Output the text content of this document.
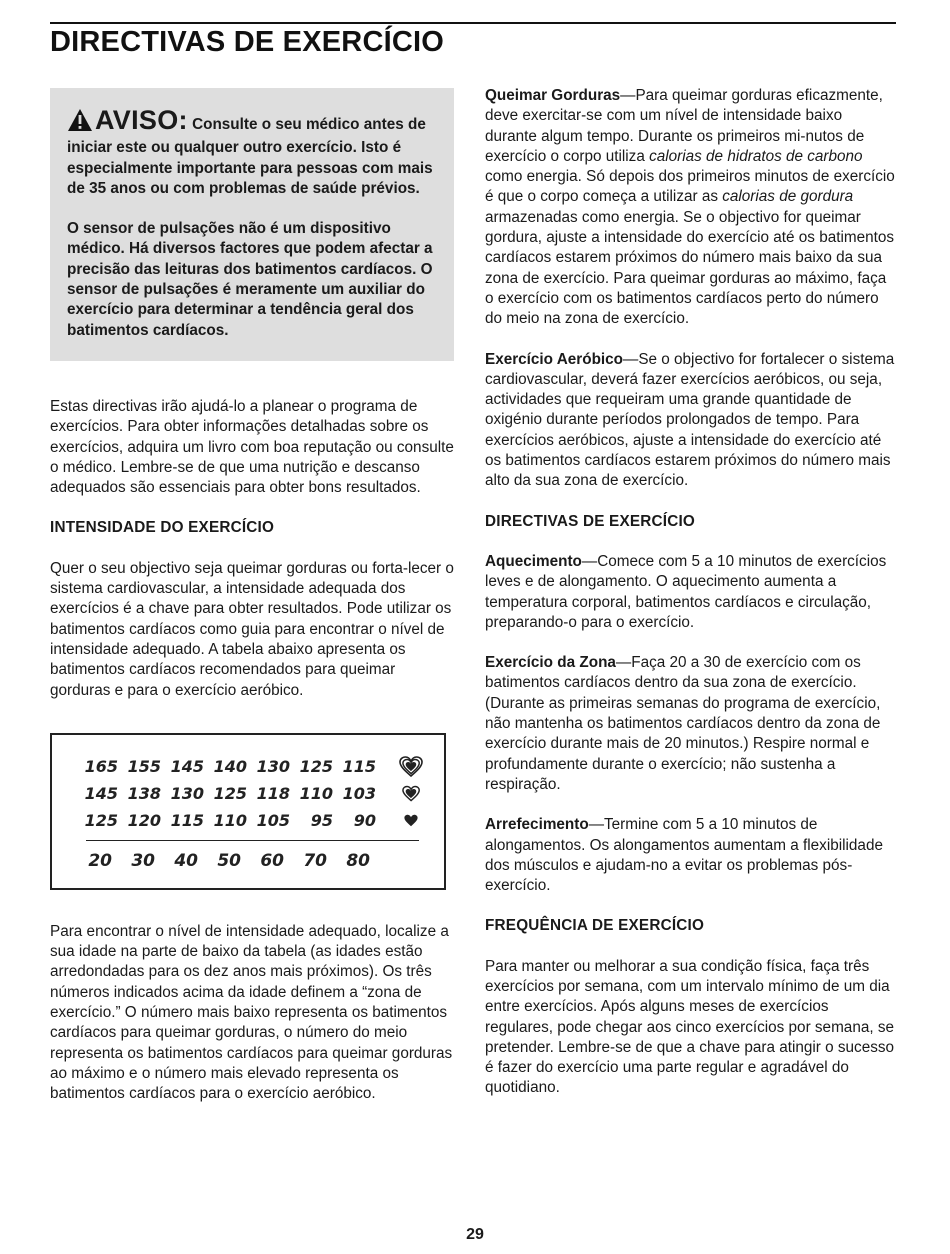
DIRECTIVAS DE EXERCÍCIO

AVISO: Consulte o seu médico antes de iniciar este ou qualquer outro exercício. Isto é especialmente importante para pessoas com mais de 35 anos ou com problemas de saúde prévios.

O sensor de pulsações não é um dispositivo médico. Há diversos factores que podem afectar a precisão das leituras dos batimentos cardíacos. O sensor de pulsações é meramente um auxiliar do exercício para determinar a tendência geral dos batimentos cardíacos.

Estas directivas irão ajudá-lo a planear o programa de exercícios. Para obter informações detalhadas sobre os exercícios, adquira um livro com boa reputação ou consulte o médico. Lembre-se de que uma nutrição e descanso adequados são essenciais para obter bons resultados.

INTENSIDADE DO EXERCÍCIO

Quer o seu objectivo seja queimar gorduras ou forta-lecer o sistema cardiovascular, a intensidade adequada dos exercícios é a chave para obter resultados. Pode utilizar os batimentos cardíacos como guia para encontrar o nível de intensidade adequado. A tabela abaixo apresenta os batimentos cardíacos recomendados para queimar gorduras e para o exercício aeróbico.

165 155 145 140 130 125 115
145 138 130 125 118 110 103
125 120 115 110 105	95	90
20	30	40	50	60	70	80

Para encontrar o nível de intensidade adequado, localize a sua idade na parte de baixo da tabela (as idades estão arredondadas para os dez anos mais próximos). Os três números indicados acima da idade definem a “zona de exercício.” O número mais baixo representa os batimentos cardíacos para queimar gorduras, o número do meio representa os batimentos cardíacos para queimar gorduras ao máximo e o número mais elevado representa os batimentos cardíacos para o exercício aeróbico.

Queimar Gorduras—Para queimar gorduras eficazmente, deve exercitar-se com um nível de intensidade baixo durante algum tempo. Durante os primeiros mi-nutos de exercício o corpo utiliza calorias de hidratos de carbono como energia. Só depois dos primeiros minutos de exercício é que o corpo começa a utilizar as calorias de gordura armazenadas como energia. Se o objectivo for queimar gordura, ajuste a intensidade do exercício até os batimentos cardíacos estarem próximos do número mais baixo da sua zona de exercício. Para queimar gorduras ao máximo, faça o exercício com os batimentos cardíacos perto do número do meio na zona de exercício.

Exercício Aeróbico—Se o objectivo for fortalecer o sistema cardiovascular, deverá fazer exercícios aeróbicos, ou seja, actividades que requeiram uma grande quantidade de oxigénio durante períodos prolongados de tempo. Para exercícios aeróbicos, ajuste a intensidade do exercício até os batimentos cardíacos estarem próximos do número mais alto da sua zona de exercício.

DIRECTIVAS DE EXERCÍCIO

Aquecimento—Comece com 5 a 10 minutos de exercícios leves e de alongamento. O aquecimento aumenta a temperatura corporal, batimentos cardíacos e circulação, preparando-o para o exercício.

Exercício da Zona—Faça 20 a 30 de exercício com os batimentos cardíacos dentro da sua zona de exercício. (Durante as primeiras semanas do programa de exercício, não mantenha os batimentos cardíacos dentro da zona de exercício durante mais de 20 minutos.) Respire normal e profundamente durante o exercício; não sustenha a respiração.

Arrefecimento—Termine com 5 a 10 minutos de alongamentos. Os alongamentos aumentam a flexibilidade dos músculos e ajudam-no a evitar os problemas pós-exercício.

FREQUÊNCIA DE EXERCÍCIO

Para manter ou melhorar a sua condição física, faça três exercícios por semana, com um intervalo mínimo de um dia entre exercícios. Após alguns meses de exercícios regulares, pode chegar aos cinco exercícios por semana, se pretender. Lembre-se de que a chave para atingir o sucesso é fazer do exercício uma parte regular e agradável do quotidiano.

29
